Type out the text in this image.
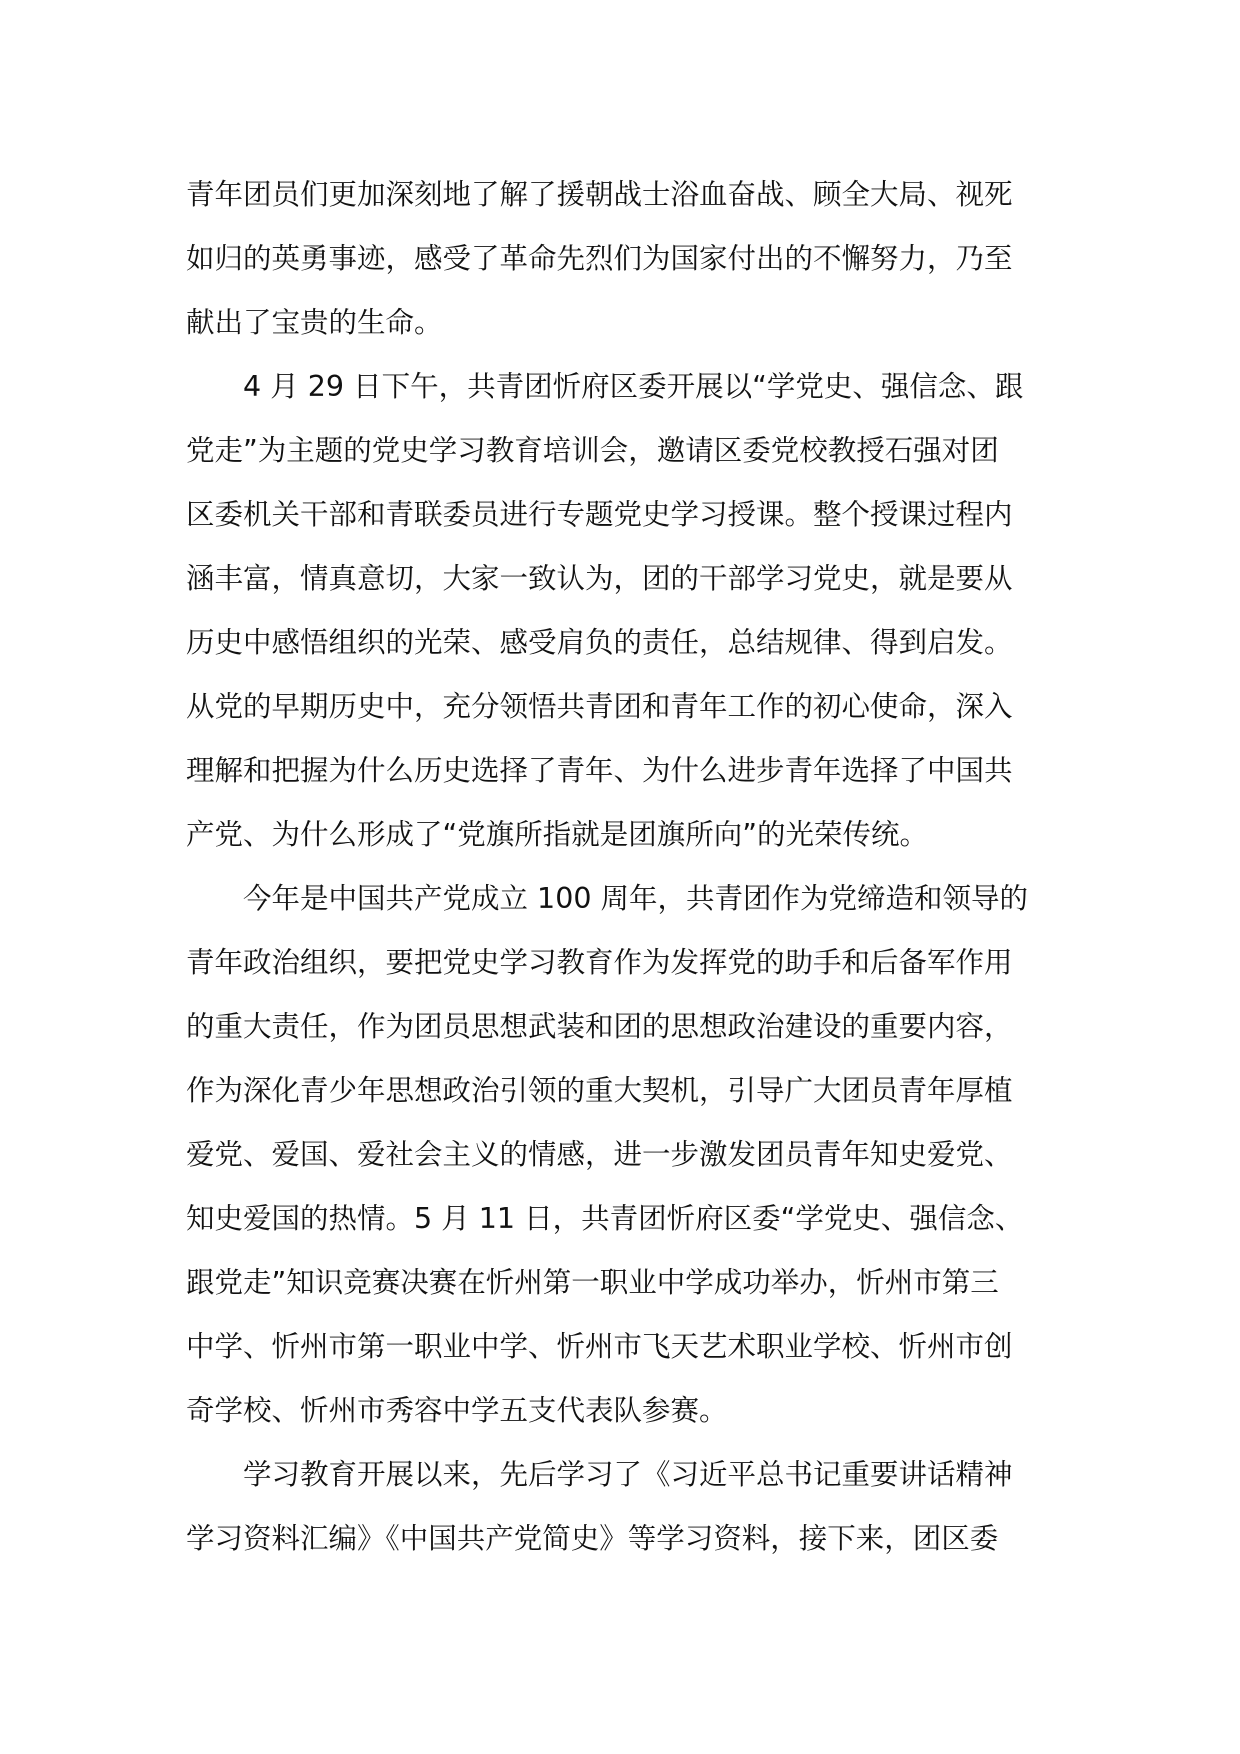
青年团员们更加深刻地了解了援朝战士浴血奋战、顾全大局、视死
如归的英勇事迹，感受了革命先烈们为国家付出的不懈努力，乃至
献出了宝贵的生命。
4 月 29 日下午，共青团忻府区委开展以“学党史、强信念、跟
党走”为主题的党史学习教育培训会，邀请区委党校教授石强对团
区委机关干部和青联委员进行专题党史学习授课。整个授课过程内
涵丰富，情真意切，大家一致认为，团的干部学习党史，就是要从
历史中感悟组织的光荣、感受肩负的责任，总结规律、得到启发。
从党的早期历史中，充分领悟共青团和青年工作的初心使命，深入
理解和把握为什么历史选择了青年、为什么进步青年选择了中国共
产党、为什么形成了“党旗所指就是团旗所向”的光荣传统。
今年是中国共产党成立 100 周年，共青团作为党缔造和领导的
青年政治组织，要把党史学习教育作为发挥党的助手和后备军作用
的重大责任，作为团员思想武装和团的思想政治建设的重要内容，
作为深化青少年思想政治引领的重大契机，引导广大团员青年厚植
爱党、爱国、爱社会主义的情感，进一步激发团员青年知史爱党、
知史爱国的热情。5 月 11 日，共青团忻府区委“学党史、强信念、
跟党走”知识竞赛决赛在忻州第一职业中学成功举办，忻州市第三
中学、忻州市第一职业中学、忻州市飞天艺术职业学校、忻州市创
奇学校、忻州市秀容中学五支代表队参赛。
学习教育开展以来，先后学习了《习近平总书记重要讲话精神
学习资料汇编》《中国共产党简史》等学习资料，接下来，团区委
